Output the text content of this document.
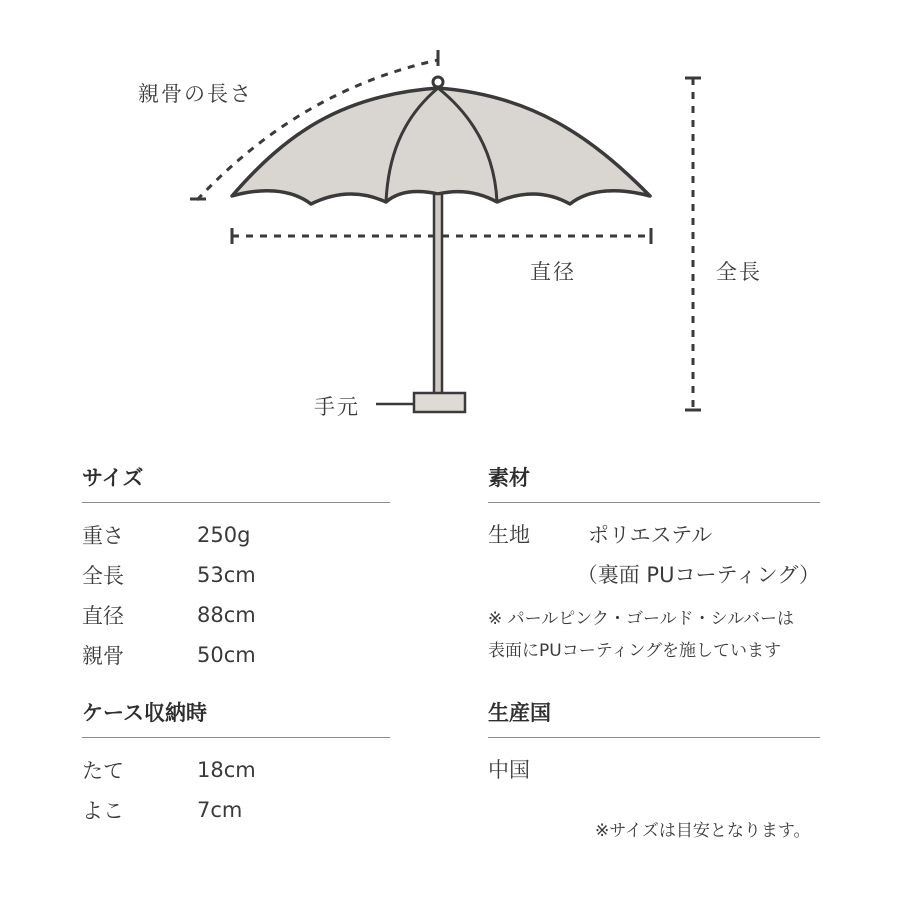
親骨の長さ
直径	全長
手元
サイズ
重さ	250g
全長	53cm
直径	88cm
親骨	50cm
ケース収納時
たて	18cm
よこ	7cm
素材
生地	ポリエステル
（裏面 PUコーティング）
※ パールピンク・ゴールド・シルバーは
表面にPUコーティングを施しています
生産国
中国
※サイズは目安となります。
